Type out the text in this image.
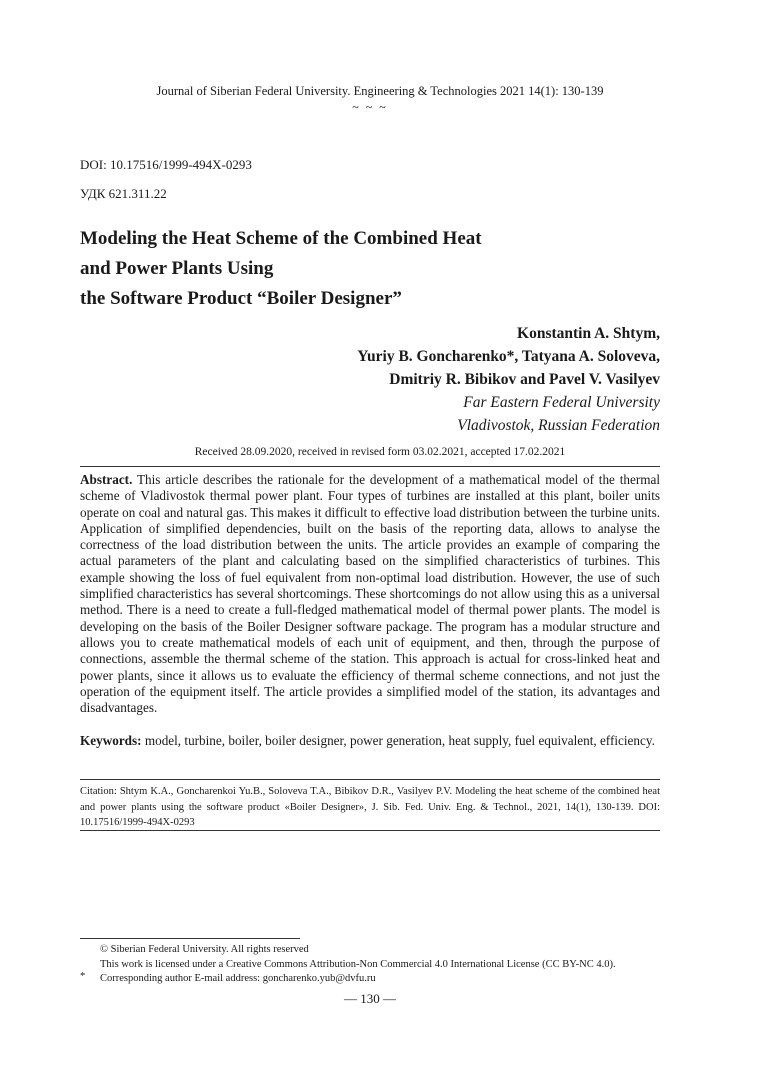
Journal of Siberian Federal University. Engineering & Technologies 2021 14(1): 130-139
~ ~ ~
DOI: 10.17516/1999-494X-0293
УДК 621.311.22
Modeling the Heat Scheme of the Combined Heat
and Power Plants Using
the Software Product “Boiler Designer”
Konstantin A. Shtym,
Yuriy B. Goncharenko*, Tatyana A. Soloveva,
Dmitriy R. Bibikov and Pavel V. Vasilyev
Far Eastern Federal University
Vladivostok, Russian Federation
Received 28.09.2020, received in revised form 03.02.2021, accepted 17.02.2021
Abstract. This article describes the rationale for the development of a mathematical model of the thermal scheme of Vladivostok thermal power plant. Four types of turbines are installed at this plant, boiler units operate on coal and natural gas. This makes it difficult to effective load distribution between the turbine units. Application of simplified dependencies, built on the basis of the reporting data, allows to analyse the correctness of the load distribution between the units. The article provides an example of comparing the actual parameters of the plant and calculating based on the simplified characteristics of turbines. This example showing the loss of fuel equivalent from non-optimal load distribution. However, the use of such simplified characteristics has several shortcomings. These shortcomings do not allow using this as a universal method. There is a need to create a full-fledged mathematical model of thermal power plants. The model is developing on the basis of the Boiler Designer software package. The program has a modular structure and allows you to create mathematical models of each unit of equipment, and then, through the purpose of connections, assemble the thermal scheme of the station. This approach is actual for cross-linked heat and power plants, since it allows us to evaluate the efficiency of thermal scheme connections, and not just the operation of the equipment itself. The article provides a simplified model of the station, its advantages and disadvantages.
Keywords: model, turbine, boiler, boiler designer, power generation, heat supply, fuel equivalent, efficiency.
Citation: Shtym K.A., Goncharenkoi Yu.B., Soloveva T.A., Bibikov D.R., Vasilyev P.V. Modeling the heat scheme of the combined heat and power plants using the software product «Boiler Designer», J. Sib. Fed. Univ. Eng. & Technol., 2021, 14(1), 130-139. DOI: 10.17516/1999-494X-0293
© Siberian Federal University. All rights reserved
This work is licensed under a Creative Commons Attribution-Non Commercial 4.0 International License (CC BY-NC 4.0).
* Corresponding author E-mail address: goncharenko.yub@dvfu.ru
— 130 —
